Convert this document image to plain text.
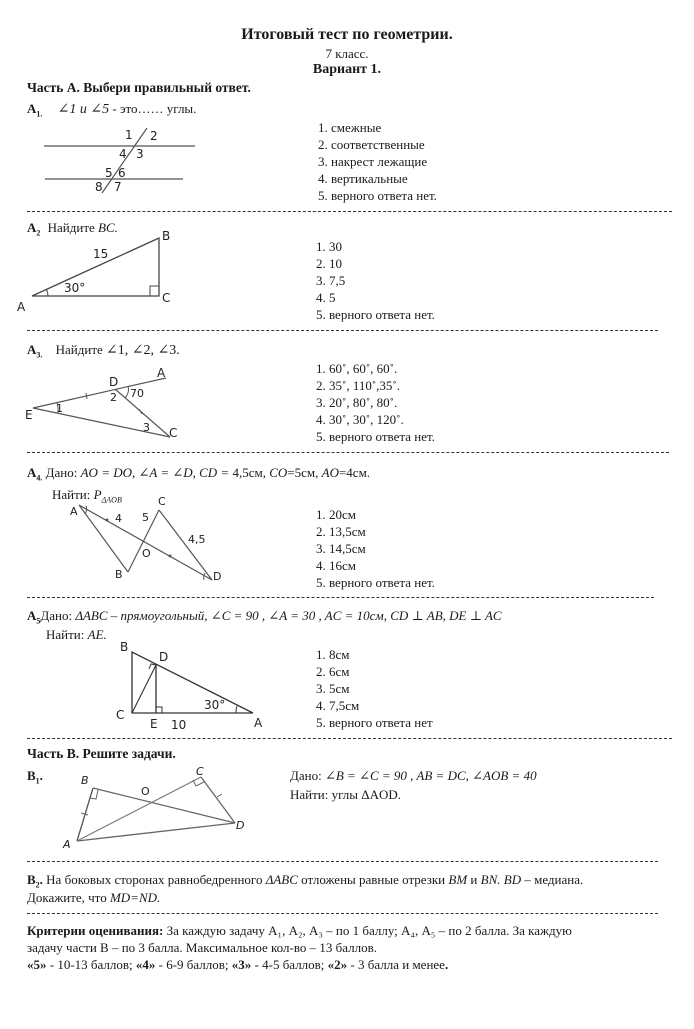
Итоговый тест по геометрии.
7 класс.
Вариант 1.
Часть А. Выбери правильный ответ.
$А_{1.}$ ∠1 и ∠5 - это…… углы.
1 2
4 3
5 6
8 7
1. смежные
2. соответственные
3. накрест лежащие
4. вертикальные
5. верного ответа нет.
$А_2$ Найдите BC.
A
B
C
15
30°
1. 30
2. 10
3. 7,5
4. 5
5. верного ответа нет.
$А_{3.}$ Найдите ∠1, ∠2, ∠3.
A
D
E
C
1
2
3
70
1. 60˚, 60˚, 60˚.
2. 35˚, 110˚,35˚.
3. 20˚, 80˚, 80˚.
4. 30˚, 30˚, 120˚.
5. верного ответа нет.
$А_{4.}$ Дано: AO = DO, ∠A = ∠D, CD = 4,5см, CO=5см, AO=4см.
Найти: $P_{\Delta AOB}$
A
B
C
D
O
4 5
4,5
1. 20см
2. 13,5см
3. 14,5см
4. 16см
5. верного ответа нет.
$А_5Дано$: ΔABC – прямоугольный, ∠C = 90 , ∠A = 30 , AC = 10см, CD ⊥ AB, DE ⊥ AC
Найти: AE.
B
D
C
E	A
30°
10
1. 8см
2. 6см
3. 5см
4. 7,5см
5. верного ответа нет
Часть В. Решите задачи.
$В_1$.	B
C
A
D
O
Дано: ∠B = ∠C = 90 , AB = DC, ∠AOB = 40
Найти: углы ΔAOD.
$В_2$. На боковых сторонах равнобедренного ΔABC отложены равные отрезки BM и BN. BD – медиана.
Докажите, что MD=ND.
Критерии оценивания: За каждую задачу А₁, А₂, А₃ – по 1 баллу; А₄, А₅ – по 2 балла. За каждую
задачу части В – по 3 балла. Максимальное кол-во – 13 баллов.
«5» - 10-13 баллов; «4» - 6-9 баллов; «3» - 4-5 баллов; «2» - 3 балла и менее.
